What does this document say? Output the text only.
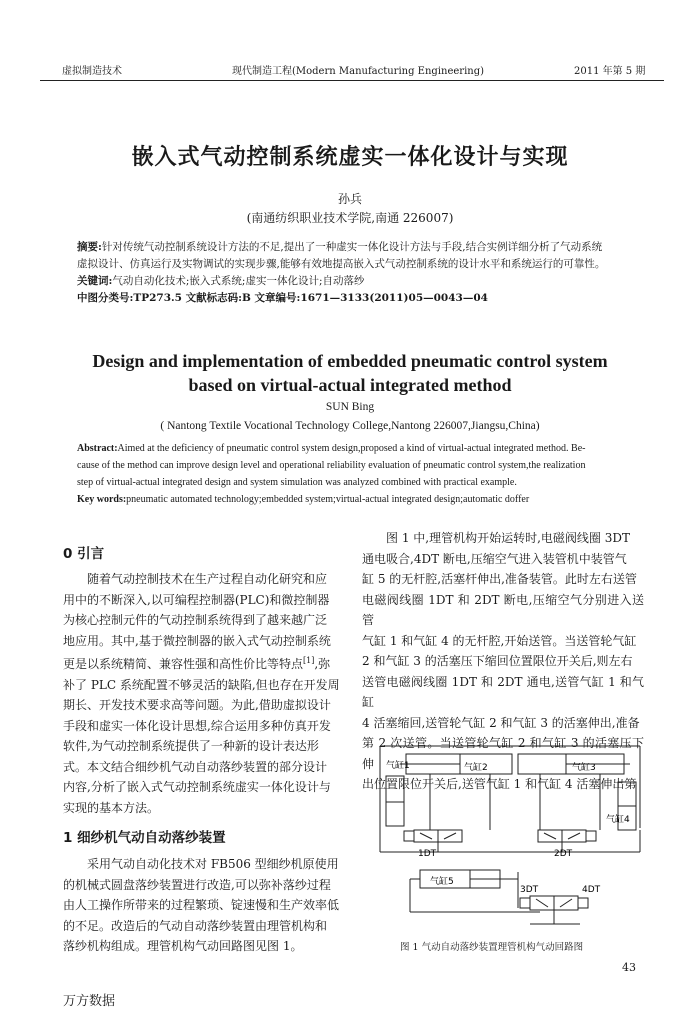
虚拟制造技术	现代制造工程(Modern Manufacturing Engineering)	2011 年第 5 期
嵌入式气动控制系统虚实一体化设计与实现
孙兵
(南通纺织职业技术学院,南通 226007)
摘要:针对传统气动控制系统设计方法的不足,提出了一种虚实一体化设计方法与手段,结合实例详细分析了气动系统
虚拟设计、仿真运行及实物调试的实现步骤,能够有效地提高嵌入式气动控制系统的设计水平和系统运行的可靠性。
关键词:气动自动化技术;嵌入式系统;虚实一体化设计;自动落纱
中图分类号:TP273.5 文献标志码:B 文章编号:1671—3133(2011)05—0043—04
Design and implementation of embedded pneumatic control system
based on virtual-actual integrated method
SUN Bing
( Nantong Textile Vocational Technology College,Nantong 226007,Jiangsu,China)
Abstract:Aimed at the deficiency of pneumatic control system design,proposed a kind of virtual-actual integrated method. Be-
cause of the method can improve design level and operational reliability evaluation of pneumatic control system,the realization
step of virtual-actual integrated design and system simulation was analyzed combined with practical example.
Key words:pneumatic automated technology;embedded system;virtual-actual integrated design;automatic doffer
0 引言

随着气动控制技术在生产过程自动化研究和应

用中的不断深入,以可编程控制器(PLC)和微控制器

为核心控制元件的气动控制系统得到了越来越广泛

地应用。其中,基于微控制器的嵌入式气动控制系统

更是以系统精简、兼容性强和高性价比等特点[1],弥

补了 PLC 系统配置不够灵活的缺陷,但也存在开发周

期长、开发技术要求高等问题。为此,借助虚拟设计

手段和虚实一体化设计思想,综合运用多种仿真开发

软件,为气动控制系统提供了一种新的设计表达形

式。本文结合细纱机气动自动落纱装置的部分设计

内容,分析了嵌入式气动控制系统虚实一体化设计与

实现的基本方法。

1 细纱机气动自动落纱装置

采用气动自动化技术对 FB506 型细纱机原使用

的机械式圆盘落纱装置进行改造,可以弥补落纱过程

由人工操作所带来的过程繁琐、锭速慢和生产效率低

的不足。改造后的气动自动落纱装置由理管机构和

落纱机构组成。理管机构气动回路图见图 1。

图 1 中,理管机构开始运转时,电磁阀线圈 3DT

通电吸合,4DT 断电,压缩空气进入装管机中装管气

缸 5 的无杆腔,活塞杆伸出,准备装管。此时左右送管

电磁阀线圈 1DT 和 2DT 断电,压缩空气分别进入送管

气缸 1 和气缸 4 的无杆腔,开始送管。当送管轮气缸

2 和气缸 3 的活塞压下缩回位置限位开关后,则左右

送管电磁阀线圈 1DT 和 2DT 通电,送管气缸 1 和气缸

4 活塞缩回,送管轮气缸 2 和气缸 3 的活塞伸出,准备

第 2 次送管。当送管轮气缸 2 和气缸 3 的活塞压下伸

出位置限位开关后,送管气缸 1 和气缸 4 活塞伸出第

气缸1	气缸2	气缸3
气缸4
气缸5
1DT	2DT
3DT	4DT
图 1 气动自动落纱装置理管机构气动回路图
43
万方数据
